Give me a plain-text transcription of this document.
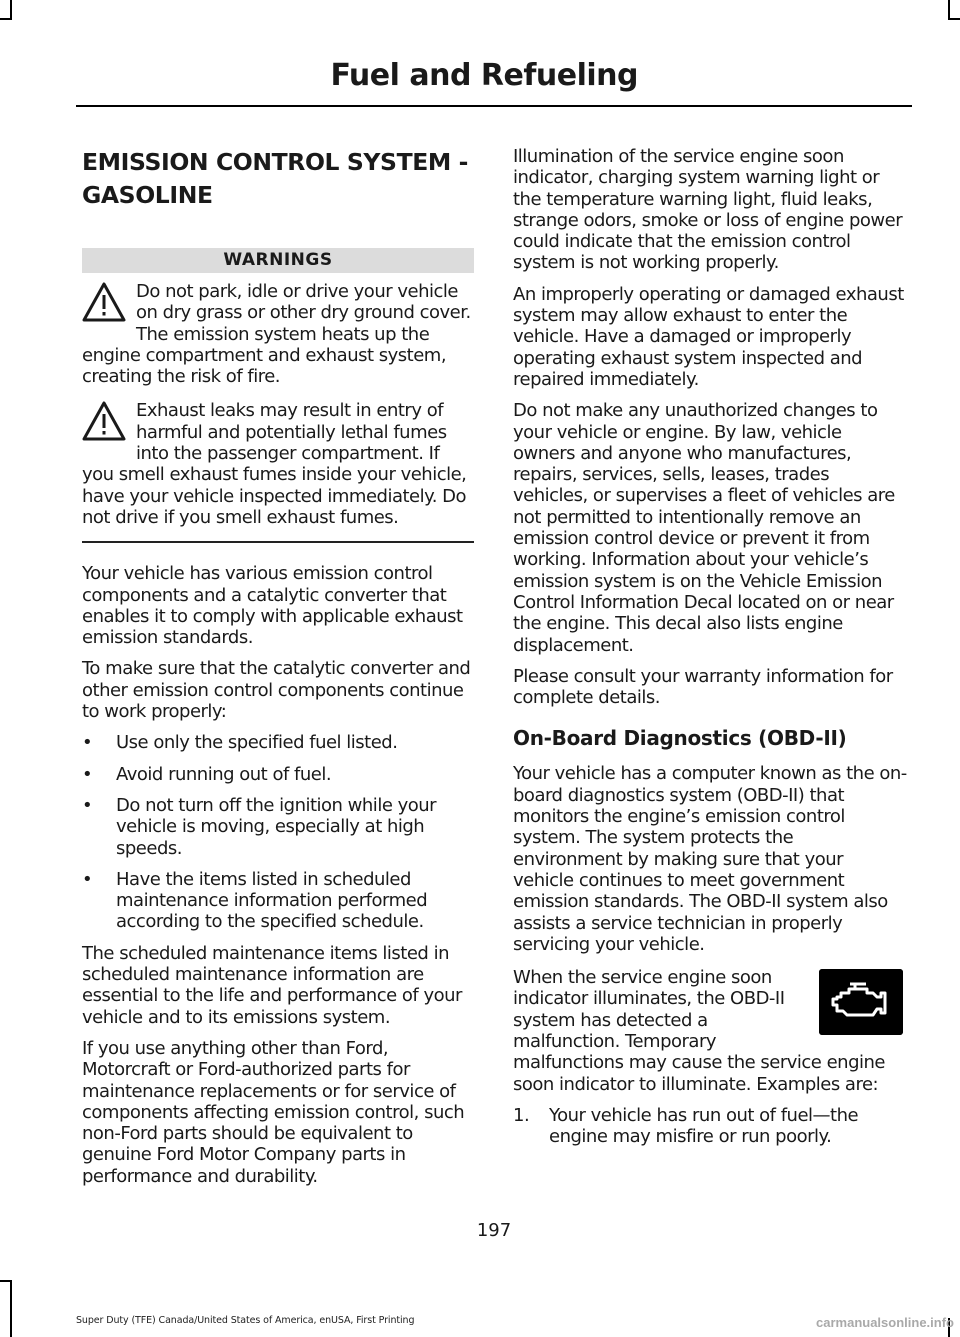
Fuel and Refueling
EMISSION CONTROL SYSTEM - GASOLINE
WARNINGS

Do not park, idle or drive your vehicle on dry grass or other dry ground cover. The emission system heats up the engine compartment and exhaust system, creating the risk of fire.

Exhaust leaks may result in entry of harmful and potentially lethal fumes into the passenger compartment. If you smell exhaust fumes inside your vehicle, have your vehicle inspected immediately. Do not drive if you smell exhaust fumes.

Your vehicle has various emission control components and a catalytic converter that enables it to comply with applicable exhaust emission standards.

To make sure that the catalytic converter and other emission control components continue to work properly:

• Use only the specified fuel listed.
• Avoid running out of fuel.
• Do not turn off the ignition while your vehicle is moving, especially at high speeds.
• Have the items listed in scheduled maintenance information performed according to the specified schedule.

The scheduled maintenance items listed in scheduled maintenance information are essential to the life and performance of your vehicle and to its emissions system.

If you use anything other than Ford, Motorcraft or Ford-authorized parts for maintenance replacements or for service of components affecting emission control, such non-Ford parts should be equivalent to genuine Ford Motor Company parts in performance and durability.

Illumination of the service engine soon indicator, charging system warning light or the temperature warning light, fluid leaks, strange odors, smoke or loss of engine power could indicate that the emission control system is not working properly.

An improperly operating or damaged exhaust system may allow exhaust to enter the vehicle. Have a damaged or improperly operating exhaust system inspected and repaired immediately.

Do not make any unauthorized changes to your vehicle or engine. By law, vehicle owners and anyone who manufactures, repairs, services, sells, leases, trades vehicles, or supervises a fleet of vehicles are not permitted to intentionally remove an emission control device or prevent it from working. Information about your vehicle’s emission system is on the Vehicle Emission Control Information Decal located on or near the engine. This decal also lists engine displacement.

Please consult your warranty information for complete details.

On-Board Diagnostics (OBD-II)

Your vehicle has a computer known as the on-board diagnostics system (OBD-II) that monitors the engine’s emission control system. The system protects the environment by making sure that your vehicle continues to meet government emission standards. The OBD-II system also assists a service technician in properly servicing your vehicle.

When the service engine soon indicator illuminates, the OBD-II system has detected a malfunction. Temporary malfunctions may cause the service engine soon indicator to illuminate. Examples are:

1. Your vehicle has run out of fuel—the engine may misfire or run poorly.
197
Super Duty (TFE) Canada/United States of America, enUSA, First Printing	carmanualsonline.info
